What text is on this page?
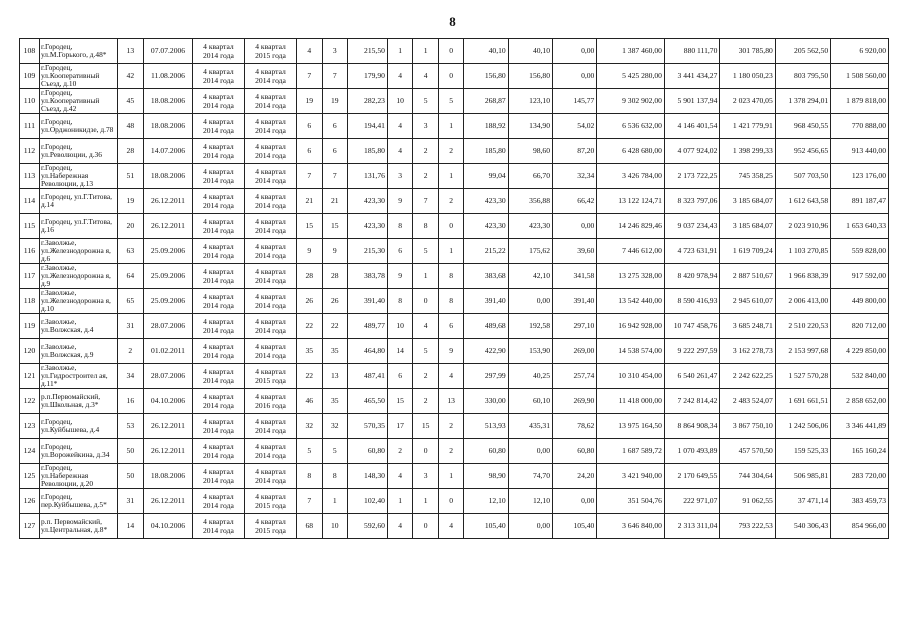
8
108	г.Городец, ул.М.Горького, д.48*	13	07.07.2006	4 квартал 2014 года	4 квартал 2015 года	4	3	215,50	1	1	0	40,10	40,10	0,00	1 387 460,00	880 111,70	301 785,80	205 562,50	6 920,00
109	г.Городец, ул.Кооперативный Съезд, д.10	42	11.08.2006	4 квартал 2014 года	4 квартал 2014 года	7	7	179,90	4	4	0	156,80	156,80	0,00	5 425 280,00	3 441 434,27	1 180 050,23	803 795,50	1 508 560,00
110	г.Городец, ул.Кооперативный Съезд, д.42	45	18.08.2006	4 квартал 2014 года	4 квартал 2014 года	19	19	282,23	10	5	5	268,87	123,10	145,77	9 302 902,00	5 901 137,94	2 023 470,05	1 378 294,01	1 879 818,00
111	г.Городец, ул.Орджоникидзе, д.78	48	18.08.2006	4 квартал 2014 года	4 квартал 2014 года	6	6	194,41	4	3	1	188,92	134,90	54,02	6 536 632,00	4 146 401,54	1 421 779,91	968 450,55	770 888,00
112	г.Городец, ул.Революции, д.36	28	14.07.2006	4 квартал 2014 года	4 квартал 2014 года	6	6	185,80	4	2	2	185,80	98,60	87,20	6 428 680,00	4 077 924,02	1 398 299,33	952 456,65	913 440,00
113	г.Городец, ул.Набережная Революции, д.13	51	18.08.2006	4 квартал 2014 года	4 квартал 2014 года	7	7	131,76	3	2	1	99,04	66,70	32,34	3 426 784,00	2 173 722,25	745 358,25	507 703,50	123 176,00
114	г.Городец, ул.Г.Титова, д.14	19	26.12.2011	4 квартал 2014 года	4 квартал 2014 года	21	21	423,30	9	7	2	423,30	356,88	66,42	13 122 124,71	8 323 797,06	3 185 684,07	1 612 643,58	891 187,47
115	г.Городец, ул.Г.Титова, д.16	20	26.12.2011	4 квартал 2014 года	4 квартал 2014 года	15	15	423,30	8	8	0	423,30	423,30	0,00	14 246 829,46	9 037 234,43	3 185 684,07	2 023 910,96	1 653 640,33
116	г.Заволжье, ул.Железнодорожна я, д.6	63	25.09.2006	4 квартал 2014 года	4 квартал 2014 года	9	9	215,30	6	5	1	215,22	175,62	39,60	7 446 612,00	4 723 631,91	1 619 709,24	1 103 270,85	559 828,00
117	г.Заволжье, ул.Железнодорожна я, д.9	64	25.09.2006	4 квартал 2014 года	4 квартал 2014 года	28	28	383,78	9	1	8	383,68	42,10	341,58	13 275 328,00	8 420 978,94	2 887 510,67	1 966 838,39	917 592,00
118	г.Заволжье, ул.Железнодорожна я, д.10	65	25.09.2006	4 квартал 2014 года	4 квартал 2014 года	26	26	391,40	8	0	8	391,40	0,00	391,40	13 542 440,00	8 590 416,93	2 945 610,07	2 006 413,00	449 800,00
119	г.Заволжье, ул.Волжская, д.4	31	28.07.2006	4 квартал 2014 года	4 квартал 2014 года	22	22	489,77	10	4	6	489,68	192,58	297,10	16 942 928,00	10 747 458,76	3 685 248,71	2 510 220,53	820 712,00
120	г.Заволжье, ул.Волжская, д.9	2	01.02.2011	4 квартал 2014 года	4 квартал 2014 года	35	35	464,80	14	5	9	422,90	153,90	269,00	14 538 574,00	9 222 297,59	3 162 278,73	2 153 997,68	4 229 850,00
121	г.Заволжье, ул.Гидростроител ая, д.11*	34	28.07.2006	4 квартал 2014 года	4 квартал 2015 года	22	13	487,41	6	2	4	297,99	40,25	257,74	10 310 454,00	6 540 261,47	2 242 622,25	1 527 570,28	532 840,00
122	р.п.Первомайский, ул.Школьная, д.3*	16	04.10.2006	4 квартал 2014 года	4 квартал 2016 года	46	35	465,50	15	2	13	330,00	60,10	269,90	11 418 000,00	7 242 814,42	2 483 524,07	1 691 661,51	2 858 652,00
123	г.Городец, ул.Куйбышева, д.4	53	26.12.2011	4 квартал 2014 года	4 квартал 2014 года	32	32	570,35	17	15	2	513,93	435,31	78,62	13 975 164,50	8 864 908,34	3 867 750,10	1 242 506,06	3 346 441,89
124	г.Городец, ул.Ворожейкина, д.34	50	26.12.2011	4 квартал 2014 года	4 квартал 2014 года	5	5	60,80	2	0	2	60,80	0,00	60,80	1 687 589,72	1 070 493,89	457 570,50	159 525,33	165 160,24
125	г.Городец, ул.Набережная Революции, д.20	50	18.08.2006	4 квартал 2014 года	4 квартал 2014 года	8	8	148,30	4	3	1	98,90	74,70	24,20	3 421 940,00	2 170 649,55	744 304,64	506 985,81	283 720,00
126	г.Городец, пер.Куйбышева, д.5*	31	26.12.2011	4 квартал 2014 года	4 квартал 2015 года	7	1	102,40	1	1	0	12,10	12,10	0,00	351 504,76	222 971,07	91 062,55	37 471,14	383 459,73
127	р.п. Первомайский, ул.Центральная, д.8*	14	04.10.2006	4 квартал 2014 года	4 квартал 2015 года	68	10	592,60	4	0	4	105,40	0,00	105,40	3 646 840,00	2 313 311,04	793 222,53	540 306,43	854 966,00
